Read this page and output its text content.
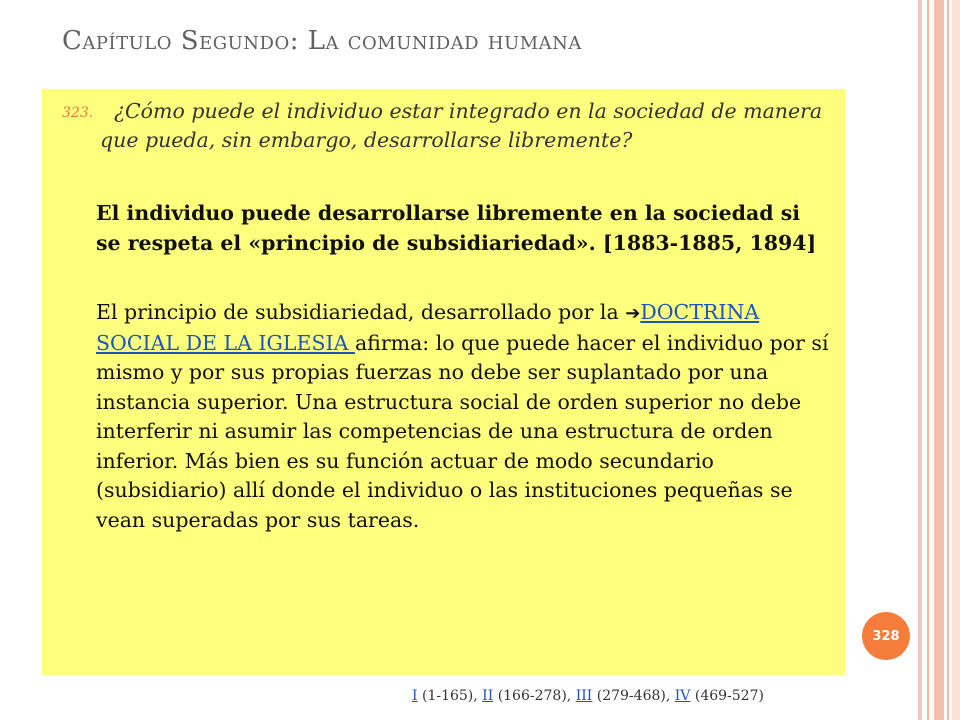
Capítulo Segundo: La comunidad humana
323.	¿Cómo puede el individuo estar integrado en la sociedad de manera que pueda, sin embargo, desarrollarse libremente?
El individuo puede desarrollarse libremente en la sociedad si se respeta el «principio de subsidiariedad». [1883-1885, 1894]
El principio de subsidiariedad, desarrollado por la ➔DOCTRINA SOCIAL DE LA IGLESIA afirma: lo que puede hacer el individuo por sí mismo y por sus propias fuerzas no debe ser suplantado por una instancia superior. Una estructura social de orden superior no debe interferir ni asumir las competencias de una estructura de orden inferior. Más bien es su función actuar de modo secundario (subsidiario) allí donde el individuo o las instituciones pequeñas se vean superadas por sus tareas.
328
I (1-165), II (166-278), III (279-468), IV (469-527)
